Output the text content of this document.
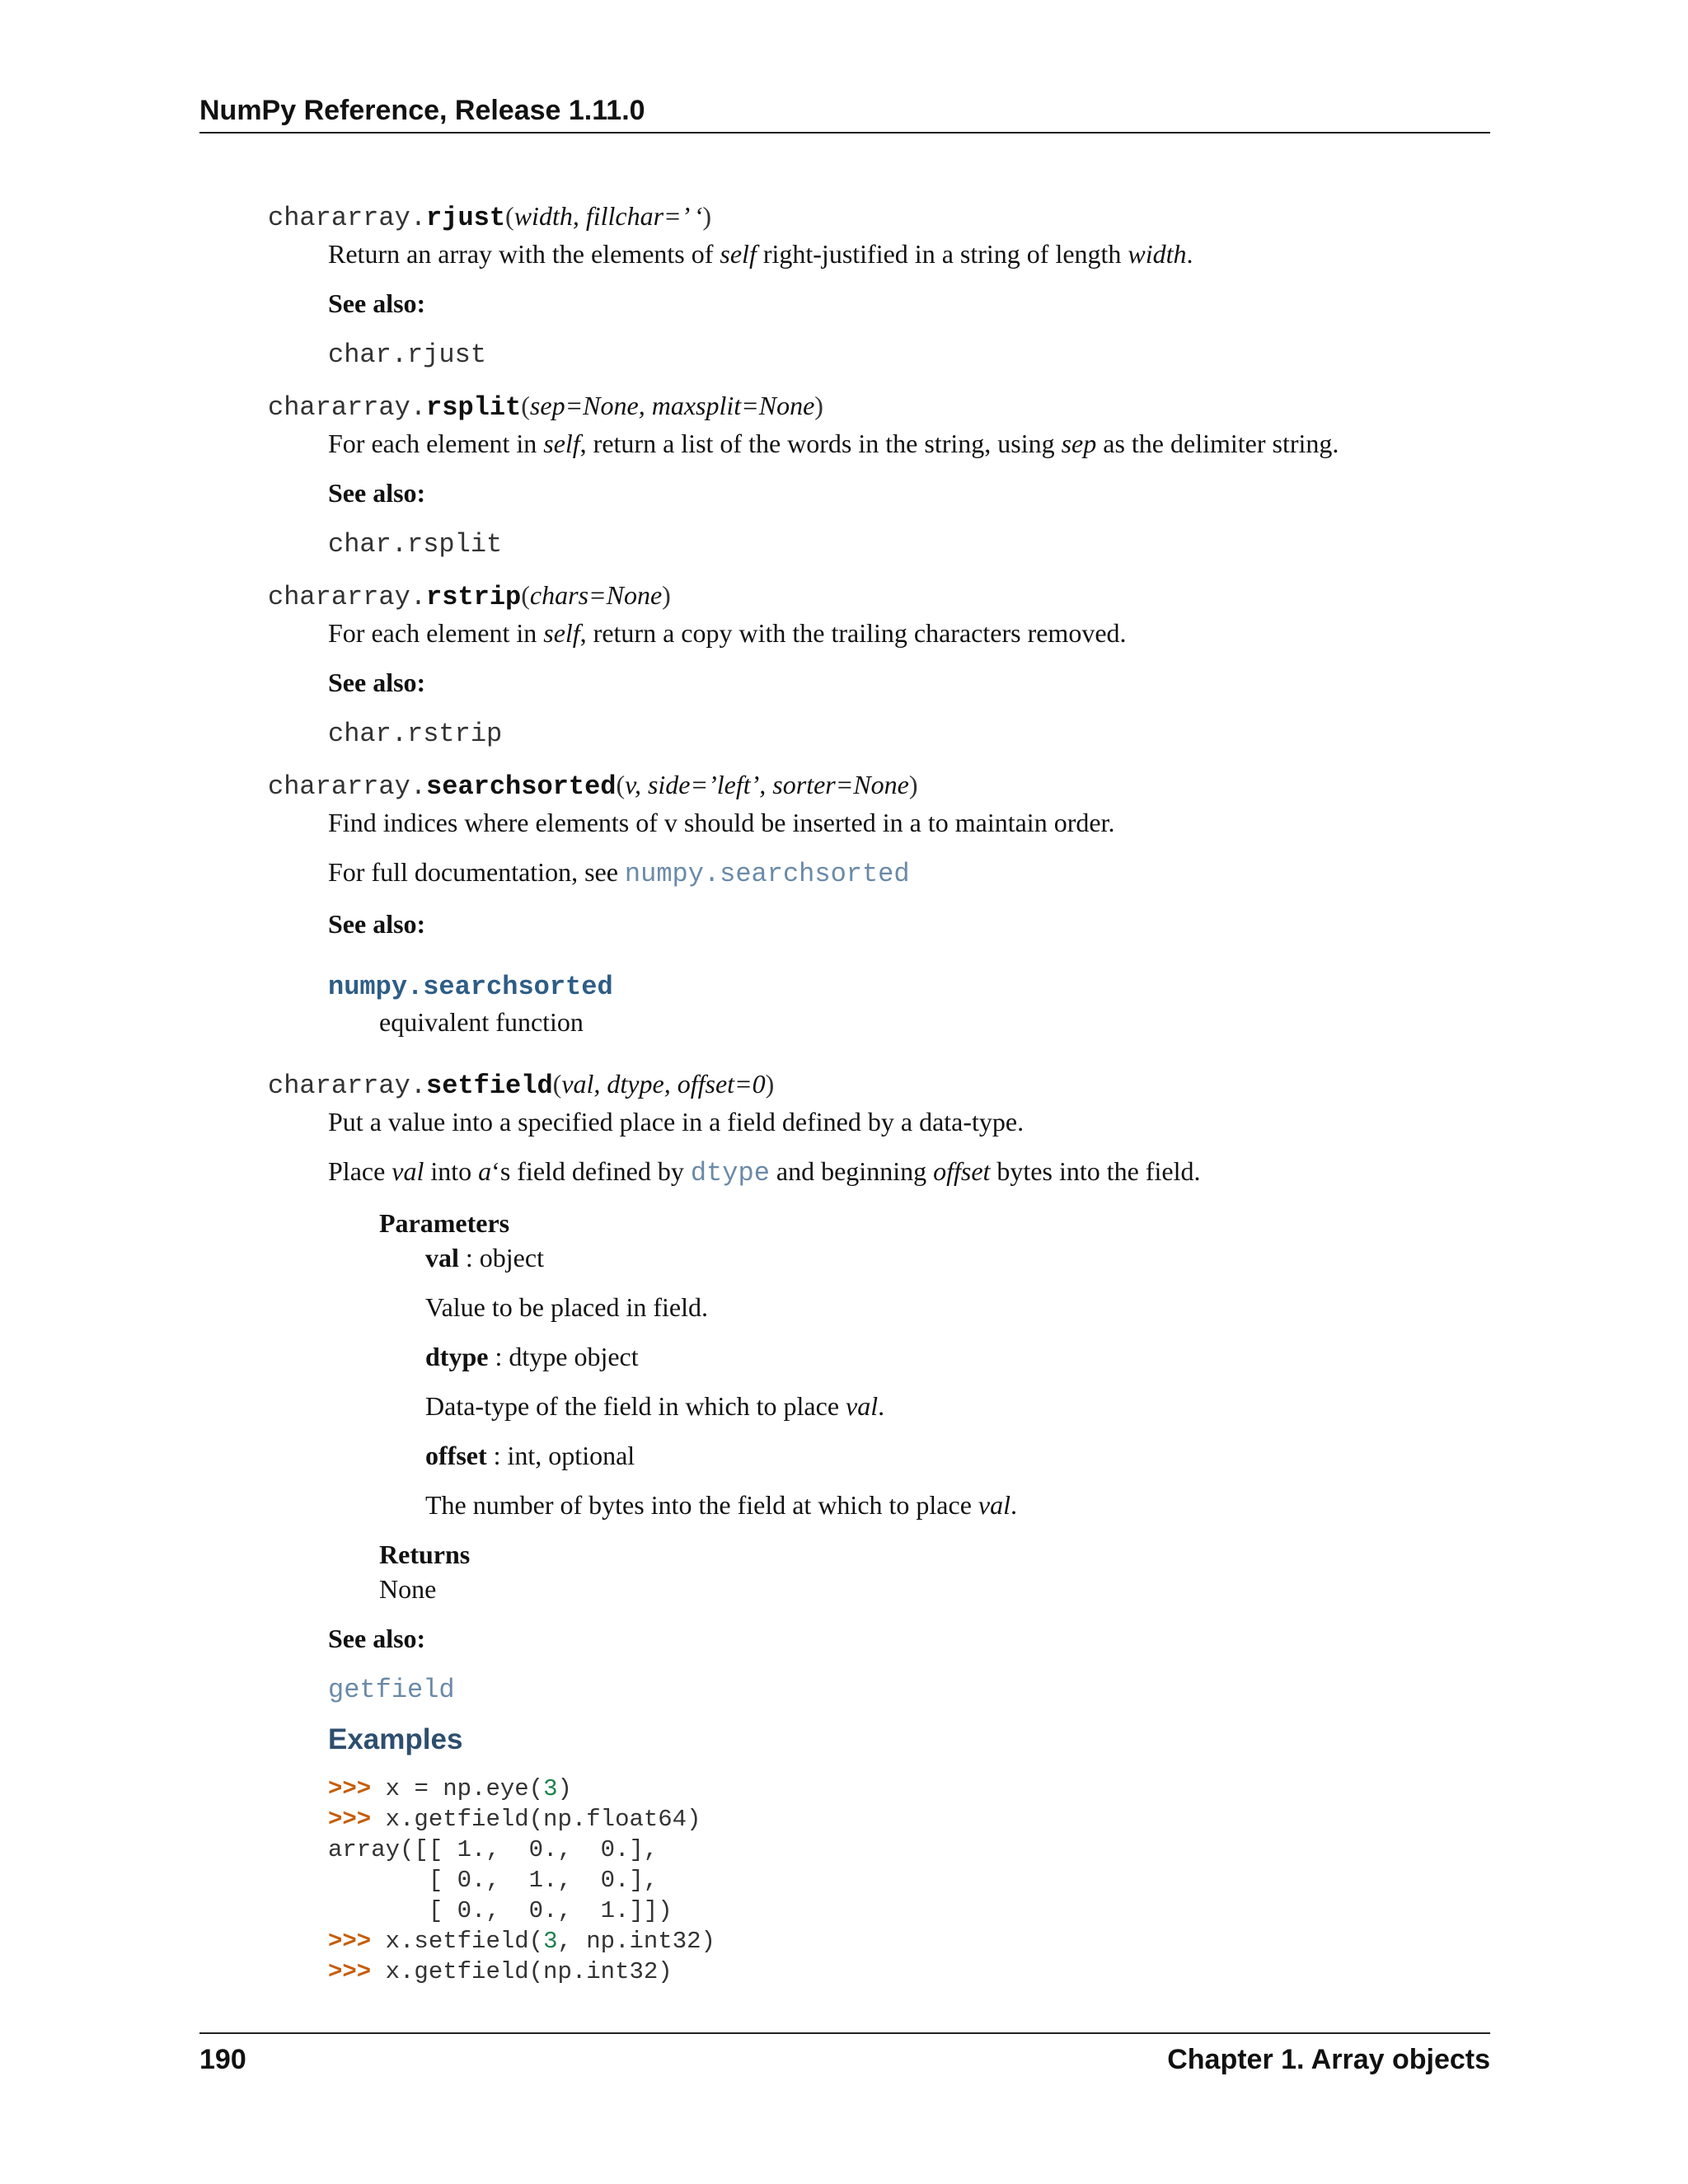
NumPy Reference, Release 1.11.0
chararray.rjust(width, fillchar=’ ‘)

Return an array with the elements of self right-justified in a string of length width.

See also:

char.rjust

chararray.rsplit(sep=None, maxsplit=None)

For each element in self, return a list of the words in the string, using sep as the delimiter string.

See also:

char.rsplit

chararray.rstrip(chars=None)

For each element in self, return a copy with the trailing characters removed.

See also:

char.rstrip

chararray.searchsorted(v, side=’left’, sorter=None)

Find indices where elements of v should be inserted in a to maintain order.

For full documentation, see numpy.searchsorted

See also:

numpy.searchsorted
equivalent function
chararray.setfield(val, dtype, offset=0)

Put a value into a specified place in a field defined by a data-type.

Place val into a‘s field defined by dtype and beginning offset bytes into the field.

Parameters
val : object

Value to be placed in field.

dtype : dtype object

Data-type of the field in which to place val.

offset : int, optional

The number of bytes into the field at which to place val.

Returns

None

See also:

getfield

Examples
>>> x = np.eye(3)
>>> x.getfield(np.float64)
array([[ 1.,  0.,  0.],
[ 0.,  1.,  0.],
[ 0.,  0.,  1.]])
>>> x.setfield(3, np.int32)
>>> x.getfield(np.int32)
190	Chapter 1. Array objects
